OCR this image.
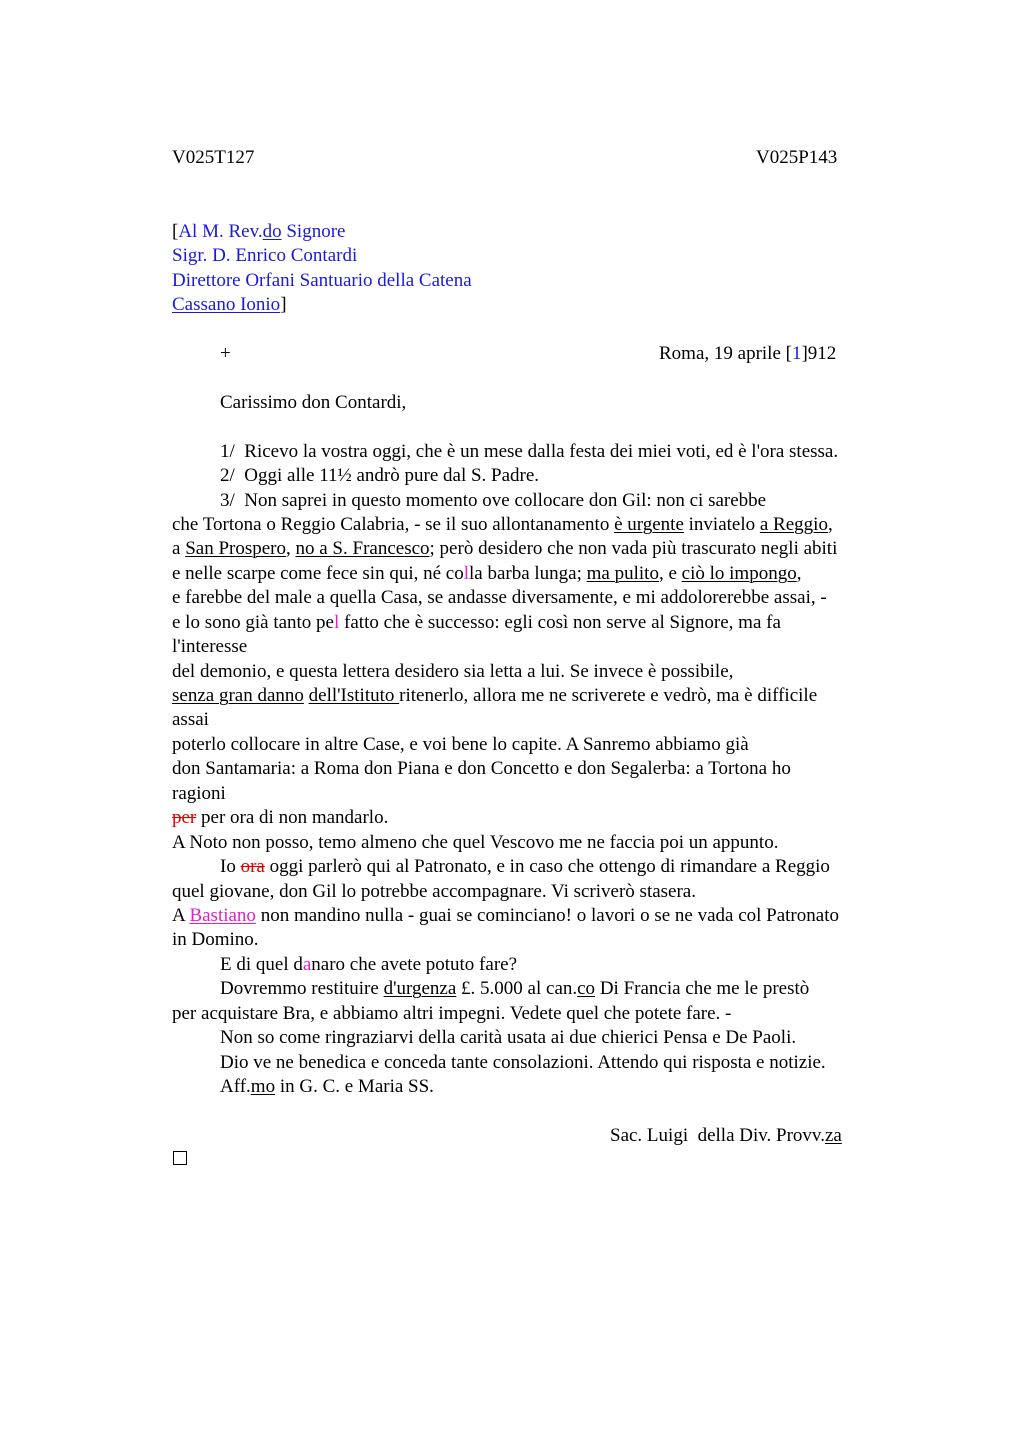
V025T127	V025P143
[Al M. Rev.do Signore
Sigr. D. Enrico Contardi
Direttore Orfani Santuario della Catena
Cassano Ionio]
+	Roma, 19 aprile [1]912
Carissimo don Contardi,
1/  Ricevo la vostra oggi, che è un mese dalla festa dei miei voti, ed è l'ora stessa.
2/  Oggi alle 11½ andrò pure dal S. Padre.
3/  Non saprei in questo momento ove collocare don Gil: non ci sarebbe
che Tortona o Reggio Calabria, - se il suo allontanamento è urgente inviatelo a Reggio,
a San Prospero, no a S. Francesco; però desidero che non vada più trascurato negli abiti
e nelle scarpe come fece sin qui, né colla barba lunga; ma pulito, e ciò lo impongo,
e farebbe del male a quella Casa, se andasse diversamente, e mi addolorerebbe assai, -
e lo sono già tanto pel fatto che è successo: egli così non serve al Signore, ma fa
l'interesse
del demonio, e questa lettera desidero sia letta a lui. Se invece è possibile,
senza gran danno dell'Istituto ritenerlo, allora me ne scriverete e vedrò, ma è difficile
assai
poterlo collocare in altre Case, e voi bene lo capite. A Sanremo abbiamo già
don Santamaria: a Roma don Piana e don Concetto e don Segalerba: a Tortona ho
ragioni
per per ora di non mandarlo.
A Noto non posso, temo almeno che quel Vescovo me ne faccia poi un appunto.
Io ora oggi parlerò qui al Patronato, e in caso che ottengo di rimandare a Reggio
quel giovane, don Gil lo potrebbe accompagnare. Vi scriverò stasera.
A Bastiano non mandino nulla - guai se cominciano! o lavori o se ne vada col Patronato
in Domino.
E di quel danaro che avete potuto fare?
Dovremmo restituire d'urgenza £. 5.000 al can.co Di Francia che me le prestò
per acquistare Bra, e abbiamo altri impegni. Vedete quel che potete fare. -
Non so come ringraziarvi della carità usata ai due chierici Pensa e De Paoli.
Dio ve ne benedica e conceda tante consolazioni. Attendo qui risposta e notizie.
Aff.mo in G. C. e Maria SS.
Sac. Luigi  della Div. Provv.za
